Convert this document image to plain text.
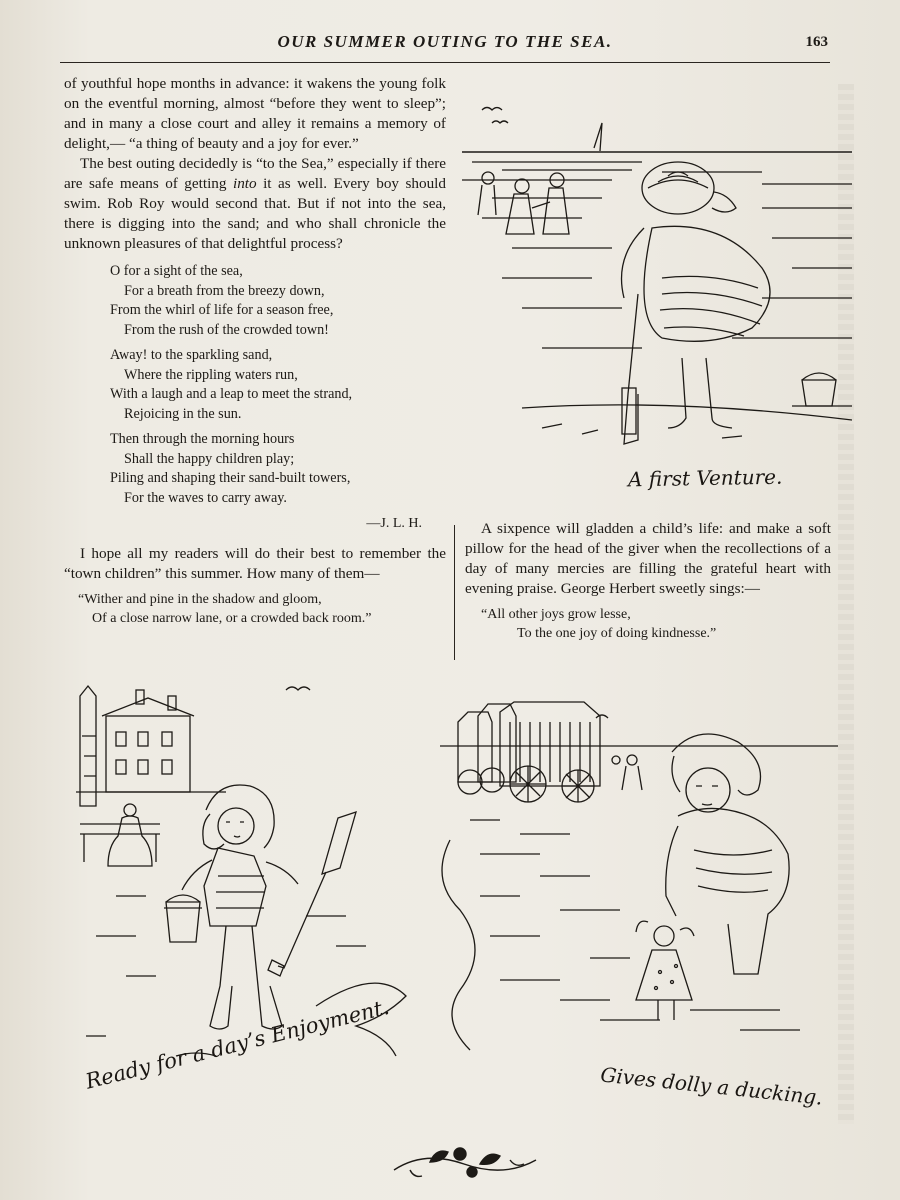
OUR SUMMER OUTING TO THE SEA.	163

of youthful hope months in advance: it wakens the young folk on the eventful morning, almost “before they went to sleep”; and in many a close court and alley it remains a memory of delight,— “a thing of beauty and a joy for ever.”

The best outing decidedly is “to the Sea,” especially if there are safe means of getting into it as well. Every boy should swim. Rob Roy would second that. But if not into the sea, there is digging into the sand; and who shall chronicle the unknown pleasures of that delightful process?

O for a sight of the sea,
For a breath from the breezy down,
From the whirl of life for a season free,
From the rush of the crowded town!
Away! to the sparkling sand,
Where the rippling waters run,
With a laugh and a leap to meet the strand,
Rejoicing in the sun.
Then through the morning hours
Shall the happy children play;
Piling and shaping their sand-built towers,
For the waves to carry away.
—J. L. H.

I hope all my readers will do their best to remember the “town children” this summer. How many of them—

“Wither and pine in the shadow and gloom,
Of a close narrow lane, or a crowded back room.”

A sixpence will gladden a child’s life: and make a soft pillow for the head of the giver when the recollections of a day of many mercies are filling the grateful heart with evening praise. George Herbert sweetly sings:—

“All other joys grow lesse,
To the one joy of doing kindnesse.”
A first Venture.
Ready for a day’s Enjoyment.	Gives dolly a ducking.
